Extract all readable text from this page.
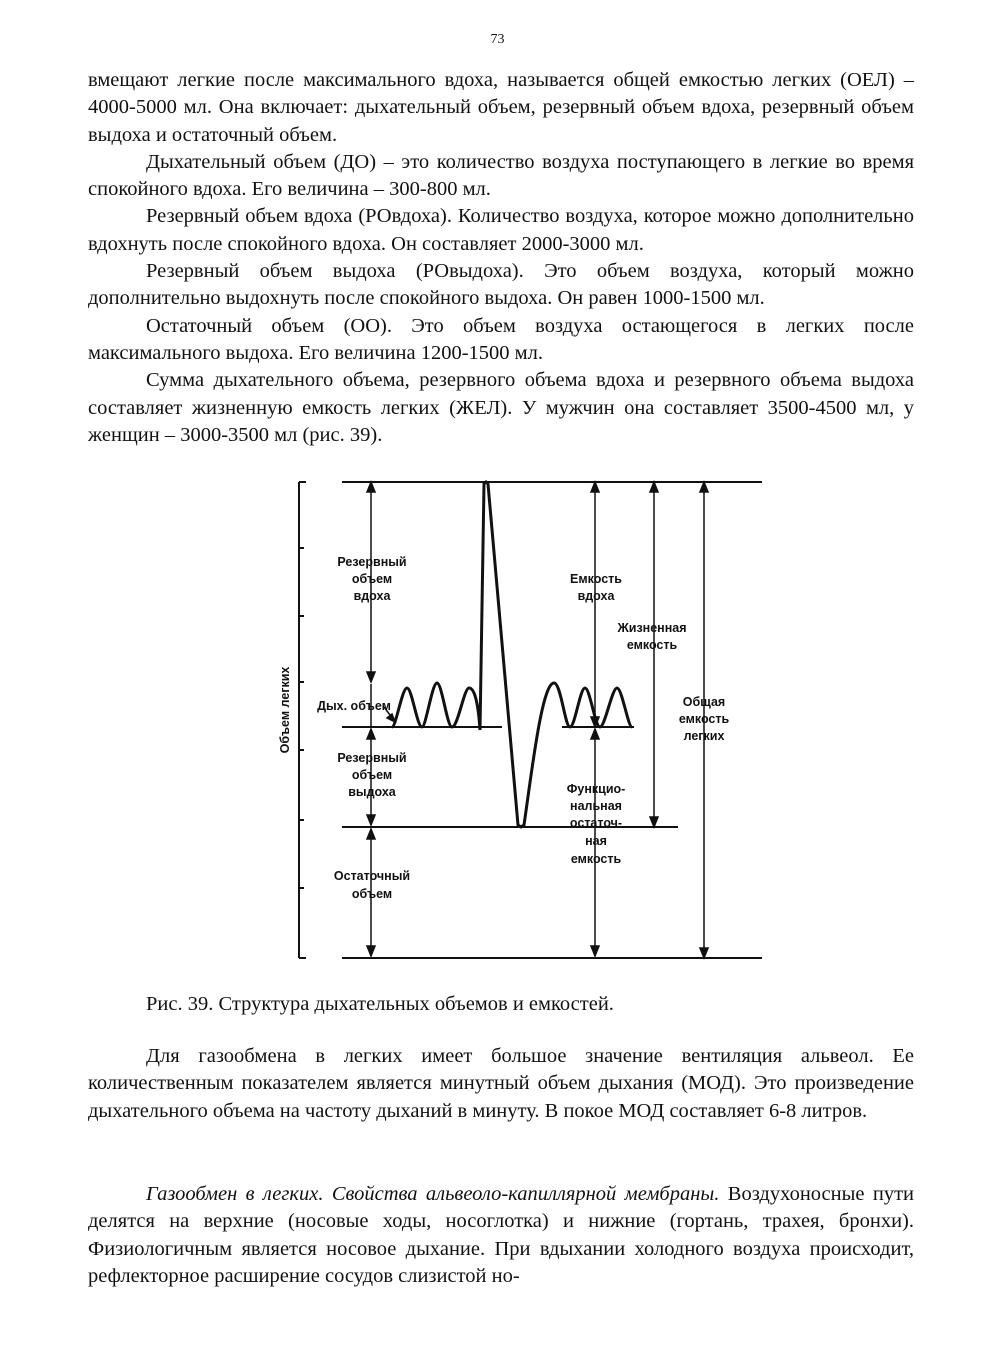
73

вмещают легкие после максимального вдоха, называется общей емкостью легких (ОЕЛ) – 4000-5000 мл. Она включает: дыхательный объем, резервный объем вдоха, резервный объем выдоха и остаточный объем.

Дыхательный объем (ДО) – это количество воздуха поступающего в легкие во время спокойного вдоха. Его величина – 300-800 мл.

Резервный объем вдоха (РОвдоха). Количество воздуха, которое можно дополнительно вдохнуть после спокойного вдоха. Он составляет 2000-3000 мл.

Резервный объем выдоха (РОвыдоха). Это объем воздуха, который можно дополнительно выдохнуть после спокойного выдоха. Он равен 1000-1500 мл.

Остаточный объем (ОО). Это объем воздуха остающегося в легких после максимального выдоха. Его величина 1200-1500 мл.

Сумма дыхательного объема, резервного объема вдоха и резервного объема выдоха составляет жизненную емкость легких (ЖЕЛ). У мужчин она составляет 3500-4500 мл, у женщин – 3000-3500 мл (рис. 39).

Объем легких
Резервный
объем
вдоха
Дых. объем
Резервный
объем
выдоха
Остаточный
объем
Емкость
вдоха
Жизненная
емкость
Функцио-
нальная
остаточ-
ная
емкость
Общая
емкость
легких
Рис. 39. Структура дыхательных объемов и емкостей.

Для газообмена в легких имеет большое значение вентиляция альвеол. Ее количественным показателем является минутный объем дыхания (МОД). Это произведение дыхательного объема на частоту дыханий в минуту. В покое МОД составляет 6-8 литров.

Газообмен в легких. Свойства альвеоло-капиллярной мембраны. Воздухоносные пути делятся на верхние (носовые ходы, носоглотка) и нижние (гортань, трахея, бронхи). Физиологичным является носовое дыхание. При вдыхании холодного воздуха происходит, рефлекторное расширение сосудов слизистой но-
